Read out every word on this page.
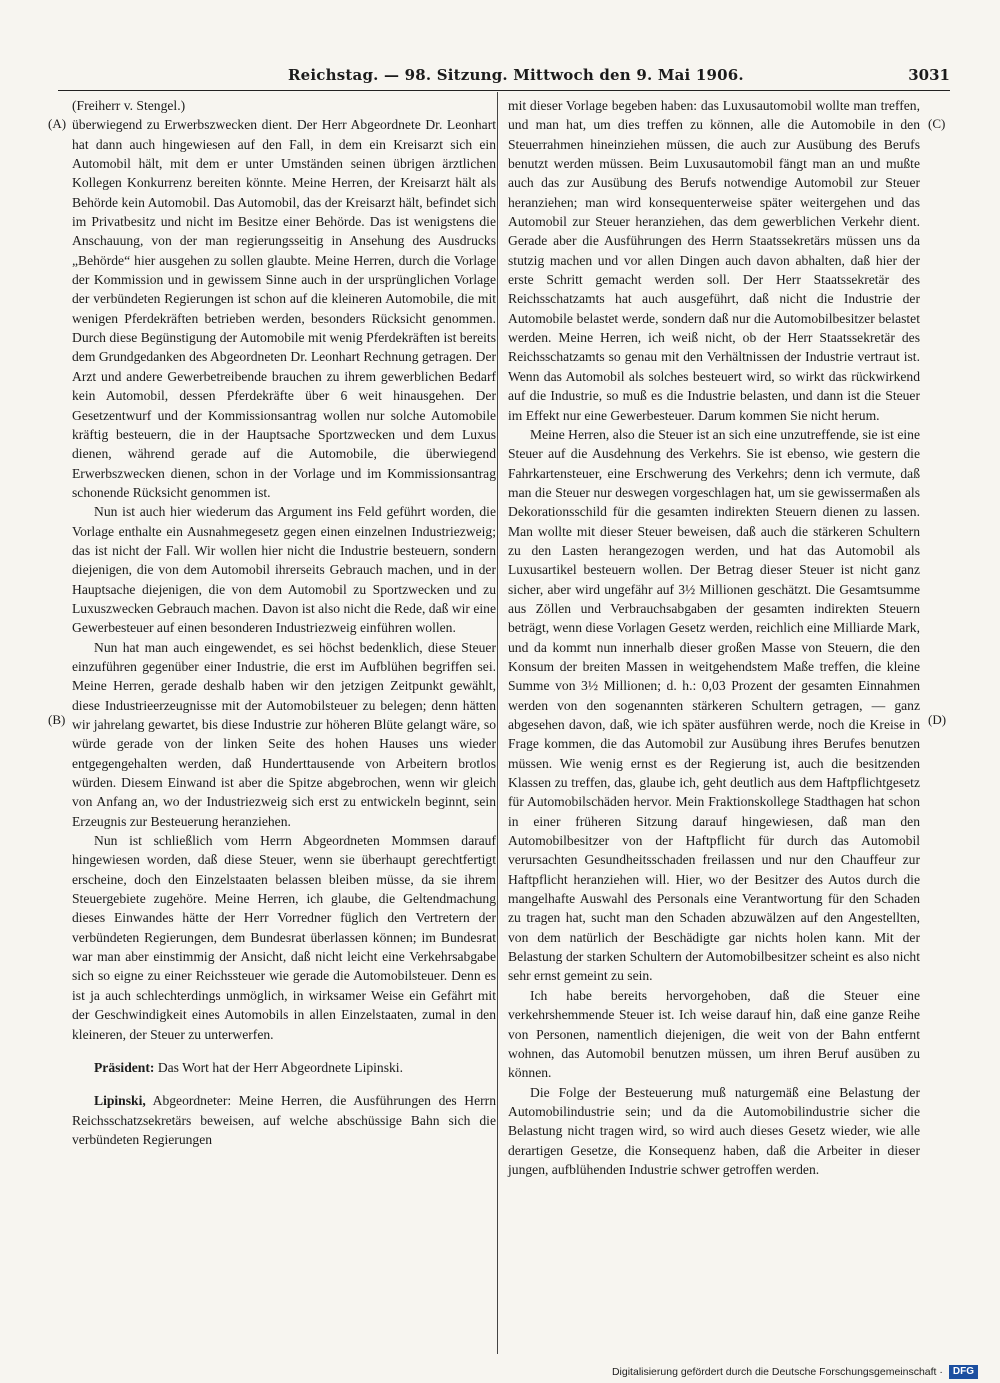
Reichstag. — 98. Sitzung. Mittwoch den 9. Mai 1906.	3031
(A)
(B)
(C)
(D)

(Freiherr v. Stengel.)

überwiegend zu Erwerbszwecken dient. Der Herr Abgeordnete Dr. Leonhart hat dann auch hingewiesen auf den Fall, in dem ein Kreisarzt sich ein Automobil hält, mit dem er unter Umständen seinen übrigen ärztlichen Kollegen Konkurrenz bereiten könnte. Meine Herren, der Kreisarzt hält als Behörde kein Automobil. Das Automobil, das der Kreisarzt hält, befindet sich im Privatbesitz und nicht im Besitze einer Behörde. Das ist wenigstens die Anschauung, von der man regierungsseitig in Ansehung des Ausdrucks „Behörde“ hier ausgehen zu sollen glaubte. Meine Herren, durch die Vorlage der Kommission und in gewissem Sinne auch in der ursprünglichen Vorlage der verbündeten Regierungen ist schon auf die kleineren Automobile, die mit wenigen Pferdekräften betrieben werden, besonders Rücksicht genommen. Durch diese Begünstigung der Automobile mit wenig Pferdekräften ist bereits dem Grundgedanken des Abgeordneten Dr. Leonhart Rechnung getragen. Der Arzt und andere Gewerbetreibende brauchen zu ihrem gewerblichen Bedarf kein Automobil, dessen Pferdekräfte über 6 weit hinausgehen. Der Gesetzentwurf und der Kommissionsantrag wollen nur solche Automobile kräftig besteuern, die in der Hauptsache Sportzwecken und dem Luxus dienen, während gerade auf die Automobile, die überwiegend Erwerbszwecken dienen, schon in der Vorlage und im Kommissionsantrag schonende Rücksicht genommen ist.

Nun ist auch hier wiederum das Argument ins Feld geführt worden, die Vorlage enthalte ein Ausnahmegesetz gegen einen einzelnen Industriezweig; das ist nicht der Fall. Wir wollen hier nicht die Industrie besteuern, sondern diejenigen, die von dem Automobil ihrerseits Gebrauch machen, und in der Hauptsache diejenigen, die von dem Automobil zu Sportzwecken und zu Luxuszwecken Gebrauch machen. Davon ist also nicht die Rede, daß wir eine Gewerbesteuer auf einen besonderen Industriezweig einführen wollen.

Nun hat man auch eingewendet, es sei höchst bedenklich, diese Steuer einzuführen gegenüber einer Industrie, die erst im Aufblühen begriffen sei. Meine Herren, gerade deshalb haben wir den jetzigen Zeitpunkt gewählt, diese Industrieerzeugnisse mit der Automobilsteuer zu belegen; denn hätten wir jahrelang gewartet, bis diese Industrie zur höheren Blüte gelangt wäre, so würde gerade von der linken Seite des hohen Hauses uns wieder entgegengehalten werden, daß Hunderttausende von Arbeitern brotlos würden. Diesem Einwand ist aber die Spitze abgebrochen, wenn wir gleich von Anfang an, wo der Industriezweig sich erst zu entwickeln beginnt, sein Erzeugnis zur Besteuerung heranziehen.

Nun ist schließlich vom Herrn Abgeordneten Mommsen darauf hingewiesen worden, daß diese Steuer, wenn sie überhaupt gerechtfertigt erscheine, doch den Einzelstaaten belassen bleiben müsse, da sie ihrem Steuergebiete zugehöre. Meine Herren, ich glaube, die Geltendmachung dieses Einwandes hätte der Herr Vorredner füglich den Vertretern der verbündeten Regierungen, dem Bundesrat überlassen können; im Bundesrat war man aber einstimmig der Ansicht, daß nicht leicht eine Verkehrsabgabe sich so eigne zu einer Reichssteuer wie gerade die Automobilsteuer. Denn es ist ja auch schlechterdings unmöglich, in wirksamer Weise ein Gefährt mit der Geschwindigkeit eines Automobils in allen Einzelstaaten, zumal in den kleineren, der Steuer zu unterwerfen.

Präsident: Das Wort hat der Herr Abgeordnete Lipinski.

Lipinski, Abgeordneter: Meine Herren, die Ausführungen des Herrn Reichsschatzsekretärs beweisen, auf welche abschüssige Bahn sich die verbündeten Regierungen

mit dieser Vorlage begeben haben: das Luxusautomobil wollte man treffen, und man hat, um dies treffen zu können, alle die Automobile in den Steuerrahmen hineinziehen müssen, die auch zur Ausübung des Berufs benutzt werden müssen. Beim Luxusautomobil fängt man an und mußte auch das zur Ausübung des Berufs notwendige Automobil zur Steuer heranziehen; man wird konsequenterweise später weitergehen und das Automobil zur Steuer heranziehen, das dem gewerblichen Verkehr dient. Gerade aber die Ausführungen des Herrn Staatssekretärs müssen uns da stutzig machen und vor allen Dingen auch davon abhalten, daß hier der erste Schritt gemacht werden soll. Der Herr Staatssekretär des Reichsschatzamts hat auch ausgeführt, daß nicht die Industrie der Automobile belastet werde, sondern daß nur die Automobilbesitzer belastet werden. Meine Herren, ich weiß nicht, ob der Herr Staatssekretär des Reichsschatzamts so genau mit den Verhältnissen der Industrie vertraut ist. Wenn das Automobil als solches besteuert wird, so wirkt das rückwirkend auf die Industrie, so muß es die Industrie belasten, und dann ist die Steuer im Effekt nur eine Gewerbesteuer. Darum kommen Sie nicht herum.

Meine Herren, also die Steuer ist an sich eine unzutreffende, sie ist eine Steuer auf die Ausdehnung des Verkehrs. Sie ist ebenso, wie gestern die Fahrkartensteuer, eine Erschwerung des Verkehrs; denn ich vermute, daß man die Steuer nur deswegen vorgeschlagen hat, um sie gewissermaßen als Dekorationsschild für die gesamten indirekten Steuern dienen zu lassen. Man wollte mit dieser Steuer beweisen, daß auch die stärkeren Schultern zu den Lasten herangezogen werden, und hat das Automobil als Luxusartikel besteuern wollen. Der Betrag dieser Steuer ist nicht ganz sicher, aber wird ungefähr auf 3½ Millionen geschätzt. Die Gesamtsumme aus Zöllen und Verbrauchsabgaben der gesamten indirekten Steuern beträgt, wenn diese Vorlagen Gesetz werden, reichlich eine Milliarde Mark, und da kommt nun innerhalb dieser großen Masse von Steuern, die den Konsum der breiten Massen in weitgehendstem Maße treffen, die kleine Summe von 3½ Millionen; d. h.: 0,03 Prozent der gesamten Einnahmen werden von den sogenannten stärkeren Schultern getragen, — ganz abgesehen davon, daß, wie ich später ausführen werde, noch die Kreise in Frage kommen, die das Automobil zur Ausübung ihres Berufes benutzen müssen. Wie wenig ernst es der Regierung ist, auch die besitzenden Klassen zu treffen, das, glaube ich, geht deutlich aus dem Haftpflichtgesetz für Automobilschäden hervor. Mein Fraktionskollege Stadthagen hat schon in einer früheren Sitzung darauf hingewiesen, daß man den Automobilbesitzer von der Haftpflicht für durch das Automobil verursachten Gesundheitsschaden freilassen und nur den Chauffeur zur Haftpflicht heranziehen will. Hier, wo der Besitzer des Autos durch die mangelhafte Auswahl des Personals eine Verantwortung für den Schaden zu tragen hat, sucht man den Schaden abzuwälzen auf den Angestellten, von dem natürlich der Beschädigte gar nichts holen kann. Mit der Belastung der starken Schultern der Automobilbesitzer scheint es also nicht sehr ernst gemeint zu sein.

Ich habe bereits hervorgehoben, daß die Steuer eine verkehrshemmende Steuer ist. Ich weise darauf hin, daß eine ganze Reihe von Personen, namentlich diejenigen, die weit von der Bahn entfernt wohnen, das Automobil benutzen müssen, um ihren Beruf ausüben zu können.

Die Folge der Besteuerung muß naturgemäß eine Belastung der Automobilindustrie sein; und da die Automobilindustrie sicher die Belastung nicht tragen wird, so wird auch dieses Gesetz wieder, wie alle derartigen Gesetze, die Konsequenz haben, daß die Arbeiter in dieser jungen, aufblühenden Industrie schwer getroffen werden.

Digitalisierung gefördert durch die Deutsche Forschungsgemeinschaft · DFG
